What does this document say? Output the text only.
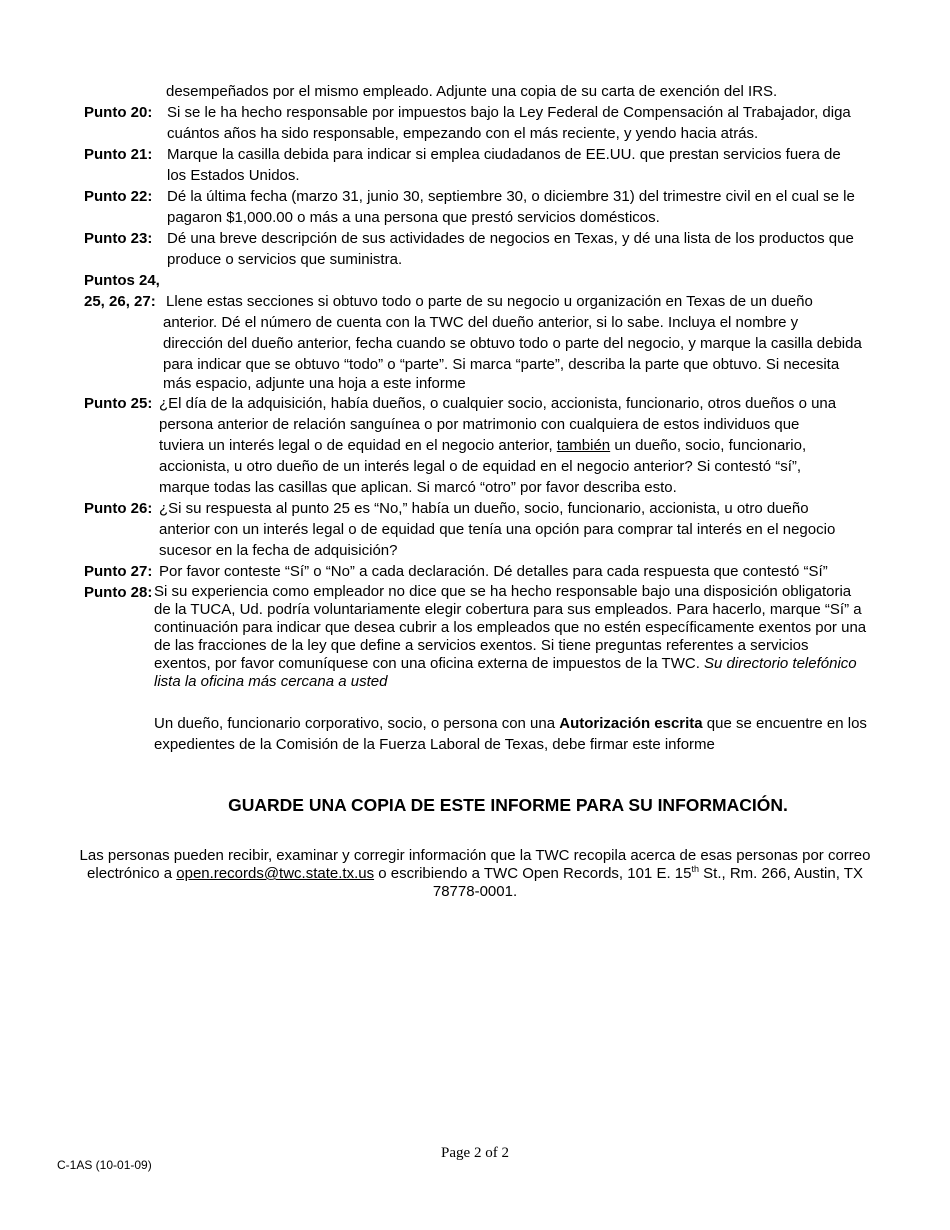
desempeñados por el mismo empleado. Adjunte una copia de su carta de exención del IRS.
Punto 20: Si se le ha hecho responsable por impuestos bajo la Ley Federal de Compensación al Trabajador, diga
cuántos años ha sido responsable, empezando con el más reciente, y yendo hacia atrás.
Punto 21: Marque la casilla debida para indicar si emplea ciudadanos de EE.UU. que prestan servicios fuera de
los Estados Unidos.
Punto 22: Dé la última fecha (marzo 31, junio 30, septiembre 30, o diciembre 31) del trimestre civil en el cual se le
pagaron $1,000.00 o más a una persona que prestó servicios domésticos.
Punto 23: Dé una breve descripción de sus actividades de negocios en Texas, y dé una lista de los productos que
produce o servicios que suministra.
Puntos 24,
25, 26, 27: Llene estas secciones si obtuvo todo o parte de su negocio u organización en Texas de un dueño
anterior. Dé el número de cuenta con la TWC del dueño anterior, si lo sabe. Incluya el nombre y
dirección del dueño anterior, fecha cuando se obtuvo todo o parte del negocio, y marque la casilla debida
para indicar que se obtuvo “todo” o “parte”. Si marca “parte”, describa la parte que obtuvo. Si necesita
más espacio, adjunte una hoja a este informe
Punto 25: ¿El día de la adquisición, había dueños, o cualquier socio, accionista, funcionario, otros dueños o una
persona anterior de relación sanguínea o por matrimonio con cualquiera de estos individuos que
tuviera un interés legal o de equidad en el negocio anterior, también un dueño, socio, funcionario,
accionista, u otro dueño de un interés legal o de equidad en el negocio anterior? Si contestó “sí”,
marque todas las casillas que aplican. Si marcó “otro” por favor describa esto.
Punto 26: ¿Si su respuesta al punto 25 es “No,” había un dueño, socio, funcionario, accionista, u otro dueño
anterior con un interés legal o de equidad que tenía una opción para comprar tal interés en el negocio
sucesor en la fecha de adquisición?
Punto 27: Por favor conteste “Sí” o “No” a cada declaración. Dé detalles para cada respuesta que contestó “Sí”
Punto 28: Si su experiencia como empleador no dice que se ha hecho responsable bajo una disposición obligatoria
de la TUCA, Ud. podría voluntariamente elegir cobertura para sus empleados. Para hacerlo, marque “Sí” a
continuación para indicar que desea cubrir a los empleados que no estén específicamente exentos por una
de las fracciones de la ley que define a servicios exentos. Si tiene preguntas referentes a servicios
exentos, por favor comuníquese con una oficina externa de impuestos de la TWC. Su directorio telefónico
lista la oficina más cercana a usted
Un dueño, funcionario corporativo, socio, o persona con una Autorización escrita que se encuentre en los
expedientes de la Comisión de la Fuerza Laboral de Texas, debe firmar este informe
GUARDE UNA COPIA DE ESTE INFORME PARA SU INFORMACIÓN.
Las personas pueden recibir, examinar y corregir información que la TWC recopila acerca de esas personas por correo
electrónico a open.records@twc.state.tx.us o escribiendo a TWC Open Records, 101 E. 15th St., Rm. 266, Austin, TX
78778-0001.
Page 2 of 2
C-1AS (10-01-09)
